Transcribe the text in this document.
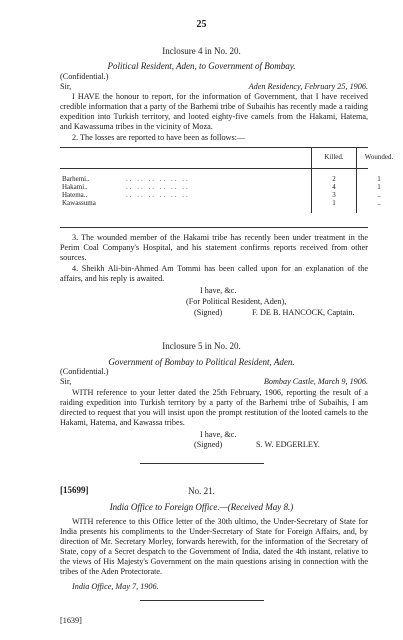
25
Inclosure 4 in No. 20.
Political Resident, Aden, to Government of Bombay.
(Confidential.)
Sir,	Aden Residency, February 25, 1906.
I HAVE the honour to report, for the information of Government, that I have received credible information that a party of the Barhemi tribe of Subaihis has recently made a raiding expedition into Turkish territory, and looted eighty-five camels from the Hakami, Hatema, and Kawassuma tribes in the vicinity of Moza.
2. The losses are reported to have been as follows:—
		Killed.	Wounded.

Barhemi..	.. .. .. .. .. ..	2	1
Hakami..	.. .. .. .. .. ..	4	1
Hatema..	.. .. .. .. .. ..	3	..
Kawassuma		1	..

3. The wounded member of the Hakami tribe has recently been under treatment in the Perim Coal Company's Hospital, and his statement confirms reports received from other sources.
4. Sheikh Ali-bin-Ahmed Am Tommi has been called upon for an explanation of the affairs, and his reply is awaited.
I have, &c.
(For Political Resident, Aden),
(Signed)	F. DE B. HANCOCK, Captain.
Inclosure 5 in No. 20.
Government of Bombay to Political Resident, Aden.
(Confidential.)
Sir,	Bombay Castle, March 9, 1906.
WITH reference to your letter dated the 25th February, 1906, reporting the result of a raiding expedition into Turkish territory by a party of the Barhemi tribe of Subaihis, I am directed to request that you will insist upon the prompt restitution of the looted camels to the Hakami, Hatema, and Kawassa tribes.
I have, &c.
(Signed)	S. W. EDGERLEY.
[15699]	No. 21.
India Office to Foreign Office.—(Received May 8.)
WITH reference to this Office letter of the 30th ultimo, the Under-Secretary of State for India presents his compliments to the Under-Secretary of State for Foreign Affairs, and, by direction of Mr. Secretary Morley, forwards herewith, for the information of the Secretary of State, copy of a Secret despatch to the Government of India, dated the 4th instant, relative to the views of His Majesty's Government on the main questions arising in connection with the tribes of the Aden Protectorate.
India Office, May 7, 1906.
[1639]
